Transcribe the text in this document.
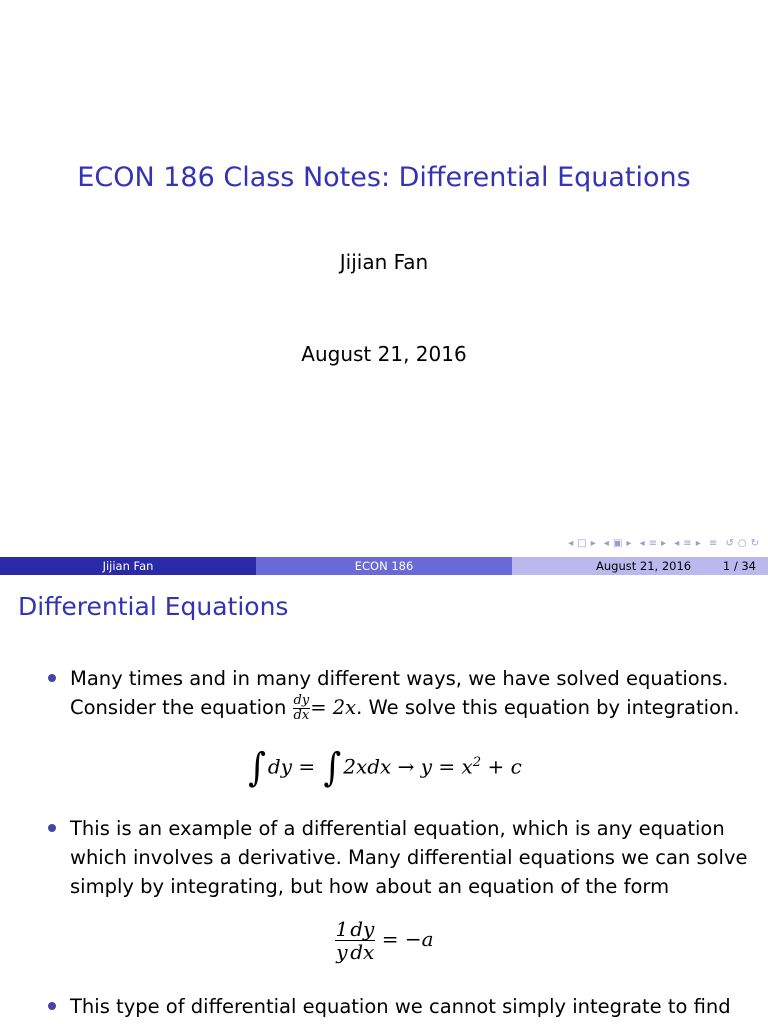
ECON 186 Class Notes: Differential Equations
Jijian Fan
August 21, 2016
◂ □ ▸ ◂ ▣ ▸ ◂ ≡ ▸ ◂ ≡ ▸ ≡ ↺ ○ ↻
Jijian Fan	ECON 186	August 21, 2016	1 / 34
Differential Equations
Many times and in many different ways, we have solved equations.
Consider the equation $\frac{dy}{dx} = 2x$. We solve this equation by integration.
∫ dy = ∫ $2xdx \to y = x^2 + c$
This is an example of a differential equation, which is any equation
which involves a derivative. Many differential equations we can solve
simply by integrating, but how about an equation of the form
$\frac{1}{y} \frac{dy}{dx} = -a$
This type of differential equation we cannot simply integrate to find
